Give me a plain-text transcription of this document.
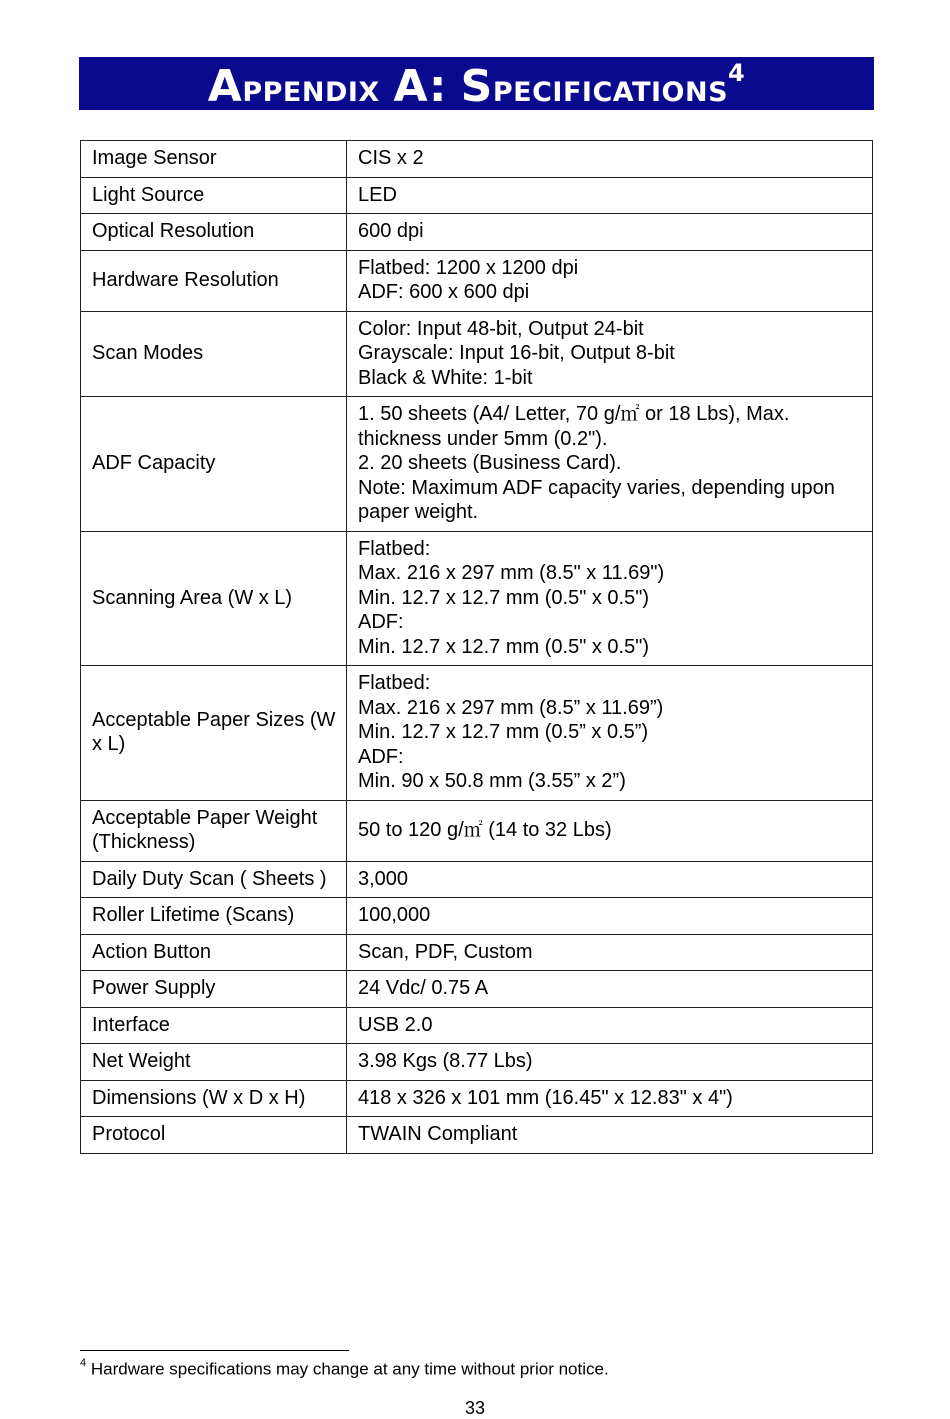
Appendix A: Specifications$^4$
Image Sensor	CIS x 2

Light Source	LED

Optical Resolution	600 dpi

Hardware Resolution	Flatbed: 1200 x 1200 dpi
ADF: 600 x 600 dpi

Scan Modes	Color: Input 48-bit, Output 24-bit
Grayscale: Input 16-bit, Output 8-bit
Black & White: 1-bit

ADF Capacity	1. 50 sheets (A4/ Letter, 70 g/㎡ or 18 Lbs), Max.
thickness under 5mm (0.2").
2. 20 sheets (Business Card).
Note: Maximum ADF capacity varies, depending upon
paper weight.

Scanning Area (W x L)	Flatbed:
Max. 216 x 297 mm (8.5" x 11.69")
Min. 12.7 x 12.7 mm (0.5" x 0.5")
ADF:
Min. 12.7 x 12.7 mm (0.5" x 0.5")

Acceptable Paper Sizes (W x L)	Flatbed:
Max. 216 x 297 mm (8.5” x 11.69”)
Min. 12.7 x 12.7 mm (0.5” x 0.5”)
ADF:
Min. 90 x 50.8 mm (3.55” x 2”)

Acceptable Paper Weight (Thickness)	50 to 120 g/㎡ (14 to 32 Lbs)

Daily Duty Scan ( Sheets )	3,000

Roller Lifetime (Scans)	100,000

Action Button	Scan, PDF, Custom

Power Supply	24 Vdc/ 0.75 A

Interface	USB 2.0

Net Weight	3.98 Kgs (8.77 Lbs)

Dimensions (W x D x H)	418 x 326 x 101 mm (16.45" x 12.83" x 4")

Protocol	TWAIN Compliant
$^4$ Hardware specifications may change at any time without prior notice.
33
